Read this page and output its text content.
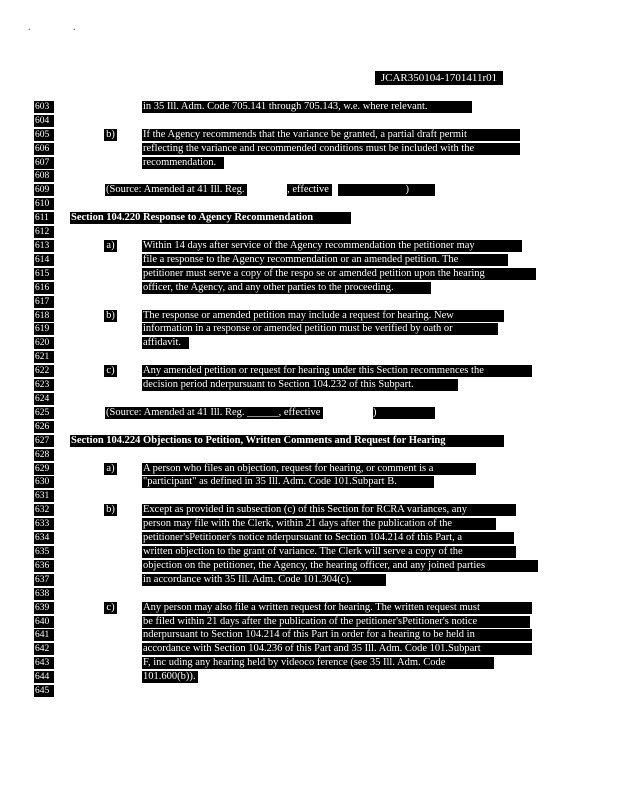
. .
JCAR350104-1701411r01
603
604
605
606
607
608
609
610
611
612
613
614
615
616
617
618
619
620
621
622
623
624
625
626
627
628
629
630
631
632
633
634
635
636
637
638
639
640
641
642
643
644
645
in 35 Ill. Adm. Code 705.141 through 705.143, w.e. where relevant.
b)	If the Agency recommends that the variance be granted, a partial draft permit
reflecting the variance and recommended conditions must be included with the
recommendation.
(Source: Amended at 41 Ill. Reg.	, effective	)
Section 104.220 Response to Agency Recommendation
a)	Within 14 days after service of the Agency recommendation the petitioner may
file a response to the Agency recommendation or an amended petition. The
petitioner must serve a copy of the respo se or amended petition upon the hearing
officer, the Agency, and any other parties to the proceeding.
b)	The response or amended petition may include a request for hearing. New
information in a response or amended petition must be verified by oath or
affidavit.
c)	Any amended petition or request for hearing under this Section recommences the
decision period nderpursuant to Section 104.232 of this Subpart.
(Source: Amended at 41 Ill. Reg. ______, effective	)
Section 104.224 Objections to Petition, Written Comments and Request for Hearing
a)	A person who files an objection, request for hearing, or comment is a
"participant" as defined in 35 Ill. Adm. Code 101.Subpart B.
b)	Except as provided in subsection (c) of this Section for RCRA variances, any
person may file with the Clerk, within 21 days after the publication of the
petitioner'sPetitioner's notice nderpursuant to Section 104.214 of this Part, a
written objection to the grant of variance. The Clerk will serve a copy of the
objection on the petitioner, the Agency, the hearing officer, and any joined parties
in accordance with 35 Ill. Adm. Code 101.304(c).
c)	Any person may also file a written request for hearing. The written request must
be filed within 21 days after the publication of the petitioner'sPetitioner's notice
nderpursuant to Section 104.214 of this Part in order for a hearing to be held in
accordance with Section 104.236 of this Part and 35 Ill. Adm. Code 101.Subpart
F, inc uding any hearing held by videoco ference (see 35 Ill. Adm. Code
101.600(b)).
